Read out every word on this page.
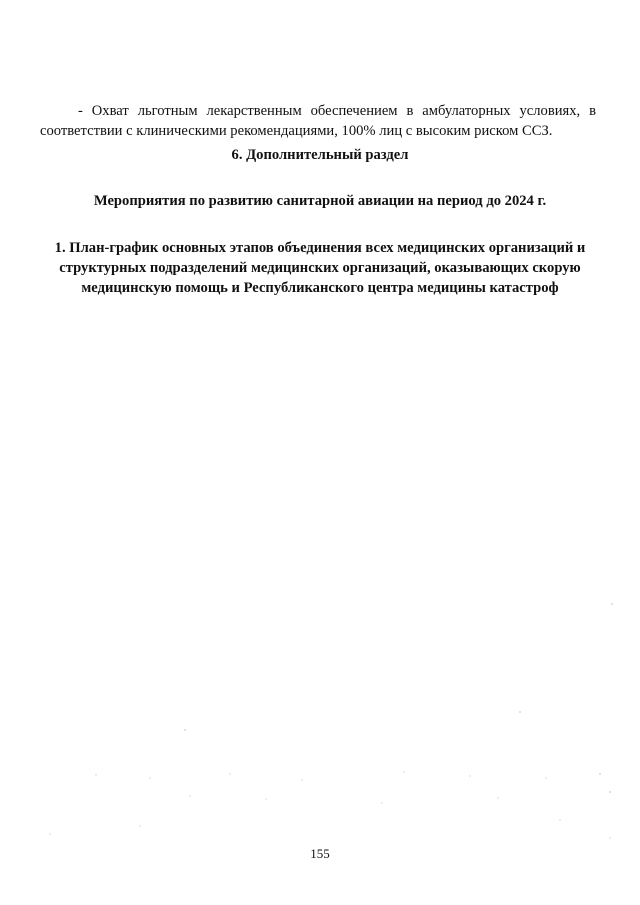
- Охват льготным лекарственным обеспечением в амбулаторных условиях, в соответствии с клиническими рекомендациями, 100% лиц с высоким риском ССЗ.

6. Дополнительный раздел
Мероприятия по развитию санитарной авиации на период до 2024 г.
1. План-график основных этапов объединения всех медицинских организаций и структурных подразделений медицинских организаций, оказывающих скорую медицинскую помощь и Республиканского центра медицины катастроф
155
